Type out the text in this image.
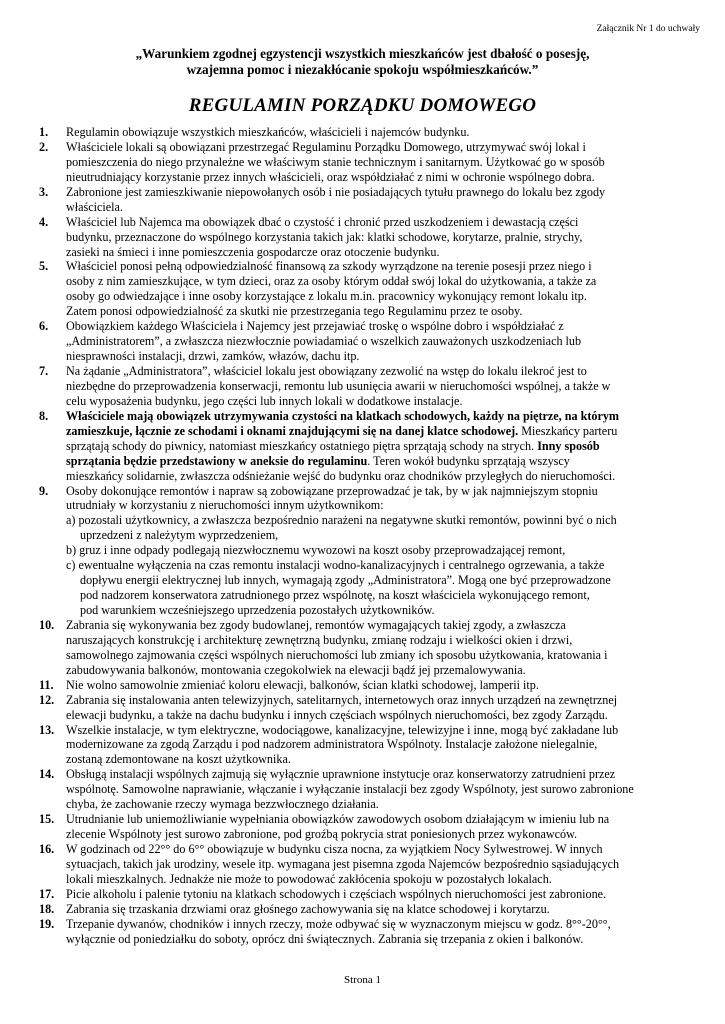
Załącznik Nr 1 do uchwały
„Warunkiem zgodnej egzystencji wszystkich mieszkańców jest dbałość o posesję,
wzajemna pomoc i niezakłócanie spokoju współmieszkańców.”
REGULAMIN PORZĄDKU DOMOWEGO
1. Regulamin obowiązuje wszystkich mieszkańców, właścicieli i najemców budynku.
2. Właściciele lokali są obowiązani przestrzegać Regulaminu Porządku Domowego, utrzymywać swój lokal i
pomieszczenia do niego przynależne we właściwym stanie technicznym i sanitarnym. Użytkować go w sposób
nieutrudniający korzystanie przez innych właścicieli, oraz współdziałać z nimi w ochronie wspólnego dobra.
3. Zabronione jest zamieszkiwanie niepowołanych osób i nie posiadających tytułu prawnego do lokalu bez zgody
właściciela.
4. Właściciel lub Najemca ma obowiązek dbać o czystość i chronić przed uszkodzeniem i dewastacją części
budynku, przeznaczone do wspólnego korzystania takich jak: klatki schodowe, korytarze, pralnie, strychy,
zasieki na śmieci i inne pomieszczenia gospodarcze oraz otoczenie budynku.
5. Właściciel ponosi pełną odpowiedzialność finansową za szkody wyrządzone na terenie posesji przez niego i
osoby z nim zamieszkujące, w tym dzieci, oraz za osoby którym oddał swój lokal do użytkowania, a także za
osoby go odwiedzające i inne osoby korzystające z lokalu m.in. pracownicy wykonujący remont lokalu itp.
Zatem ponosi odpowiedzialność za skutki nie przestrzegania tego Regulaminu przez te osoby.
6. Obowiązkiem każdego Właściciela i Najemcy jest przejawiać troskę o wspólne dobro i współdziałać z
„Administratorem”, a zwłaszcza niezwłocznie powiadamiać o wszelkich zauważonych uszkodzeniach lub
niesprawności instalacji, drzwi, zamków, włazów, dachu itp.
7. Na żądanie „Administratora”, właściciel lokalu jest obowiązany zezwolić na wstęp do lokalu ilekroć jest to
niezbędne do przeprowadzenia konserwacji, remontu lub usunięcia awarii w nieruchomości wspólnej, a także w
celu wyposażenia budynku, jego części lub innych lokali w dodatkowe instalacje.
8. Właściciele mają obowiązek utrzymywania czystości na klatkach schodowych, każdy na piętrze, na którym
zamieszkuje, łącznie ze schodami i oknami znajdującymi się na danej klatce schodowej. Mieszkańcy parteru
sprzątają schody do piwnicy, natomiast mieszkańcy ostatniego piętra sprzątają schody na strych. Inny sposób
sprzątania będzie przedstawiony w aneksie do regulaminu. Teren wokół budynku sprzątają wszyscy
mieszkańcy solidarnie, zwłaszcza odśnieżanie wejść do budynku oraz chodników przyległych do nieruchomości.
9. Osoby dokonujące remontów i napraw są zobowiązane przeprowadzać je tak, by w jak najmniejszym stopniu
utrudniały w korzystaniu z nieruchomości innym użytkownikom:
a) pozostali użytkownicy, a zwłaszcza bezpośrednio narażeni na negatywne skutki remontów, powinni być o nich
uprzedzeni z należytym wyprzedzeniem,
b) gruz i inne odpady podlegają niezwłocznemu wywozowi na koszt osoby przeprowadzającej remont,
c) ewentualne wyłączenia na czas remontu instalacji wodno-kanalizacyjnych i centralnego ogrzewania, a także
dopływu energii elektrycznej lub innych, wymagają zgody „Administratora”. Mogą one być przeprowadzone
pod nadzorem konserwatora zatrudnionego przez wspólnotę, na koszt właściciela wykonującego remont,
pod warunkiem wcześniejszego uprzedzenia pozostałych użytkowników.
10. Zabrania się wykonywania bez zgody budowlanej, remontów wymagających takiej zgody, a zwłaszcza
naruszających konstrukcję i architekturę zewnętrzną budynku, zmianę rodzaju i wielkości okien i drzwi,
samowolnego zajmowania części wspólnych nieruchomości lub zmiany ich sposobu użytkowania, kratowania i
zabudowywania balkonów, montowania czegokolwiek na elewacji bądź jej przemalowywania.
11. Nie wolno samowolnie zmieniać koloru elewacji, balkonów, ścian klatki schodowej, lamperii itp.
12. Zabrania się instalowania anten telewizyjnych, satelitarnych, internetowych oraz innych urządzeń na zewnętrznej
elewacji budynku, a także na dachu budynku i innych częściach wspólnych nieruchomości, bez zgody Zarządu.
13. Wszelkie instalacje, w tym elektryczne, wodociągowe, kanalizacyjne, telewizyjne i inne, mogą być zakładane lub
modernizowane za zgodą Zarządu i pod nadzorem administratora Wspólnoty. Instalacje założone nielegalnie,
zostaną zdemontowane na koszt użytkownika.
14. Obsługą instalacji wspólnych zajmują się wyłącznie uprawnione instytucje oraz konserwatorzy zatrudnieni przez
wspólnotę. Samowolne naprawianie, włączanie i wyłączanie instalacji bez zgody Wspólnoty, jest surowo zabronione
chyba, że zachowanie rzeczy wymaga bezzwłocznego działania.
15. Utrudnianie lub uniemożliwianie wypełniania obowiązków zawodowych osobom działającym w imieniu lub na
zlecenie Wspólnoty jest surowo zabronione, pod groźbą pokrycia strat poniesionych przez wykonawców.
16. W godzinach od 22°° do 6°° obowiązuje w budynku cisza nocna, za wyjątkiem Nocy Sylwestrowej. W innych
sytuacjach, takich jak urodziny, wesele itp. wymagana jest pisemna zgoda Najemców bezpośrednio sąsiadujących
lokali mieszkalnych. Jednakże nie może to powodować zakłócenia spokoju w pozostałych lokalach.
17. Picie alkoholu i palenie tytoniu na klatkach schodowych i częściach wspólnych nieruchomości jest zabronione.
18. Zabrania się trzaskania drzwiami oraz głośnego zachowywania się na klatce schodowej i korytarzu.
19. Trzepanie dywanów, chodników i innych rzeczy, może odbywać się w wyznaczonym miejscu w godz. 8°°-20°°,
wyłącznie od poniedziałku do soboty, oprócz dni świątecznych. Zabrania się trzepania z okien i balkonów.
Strona 1
